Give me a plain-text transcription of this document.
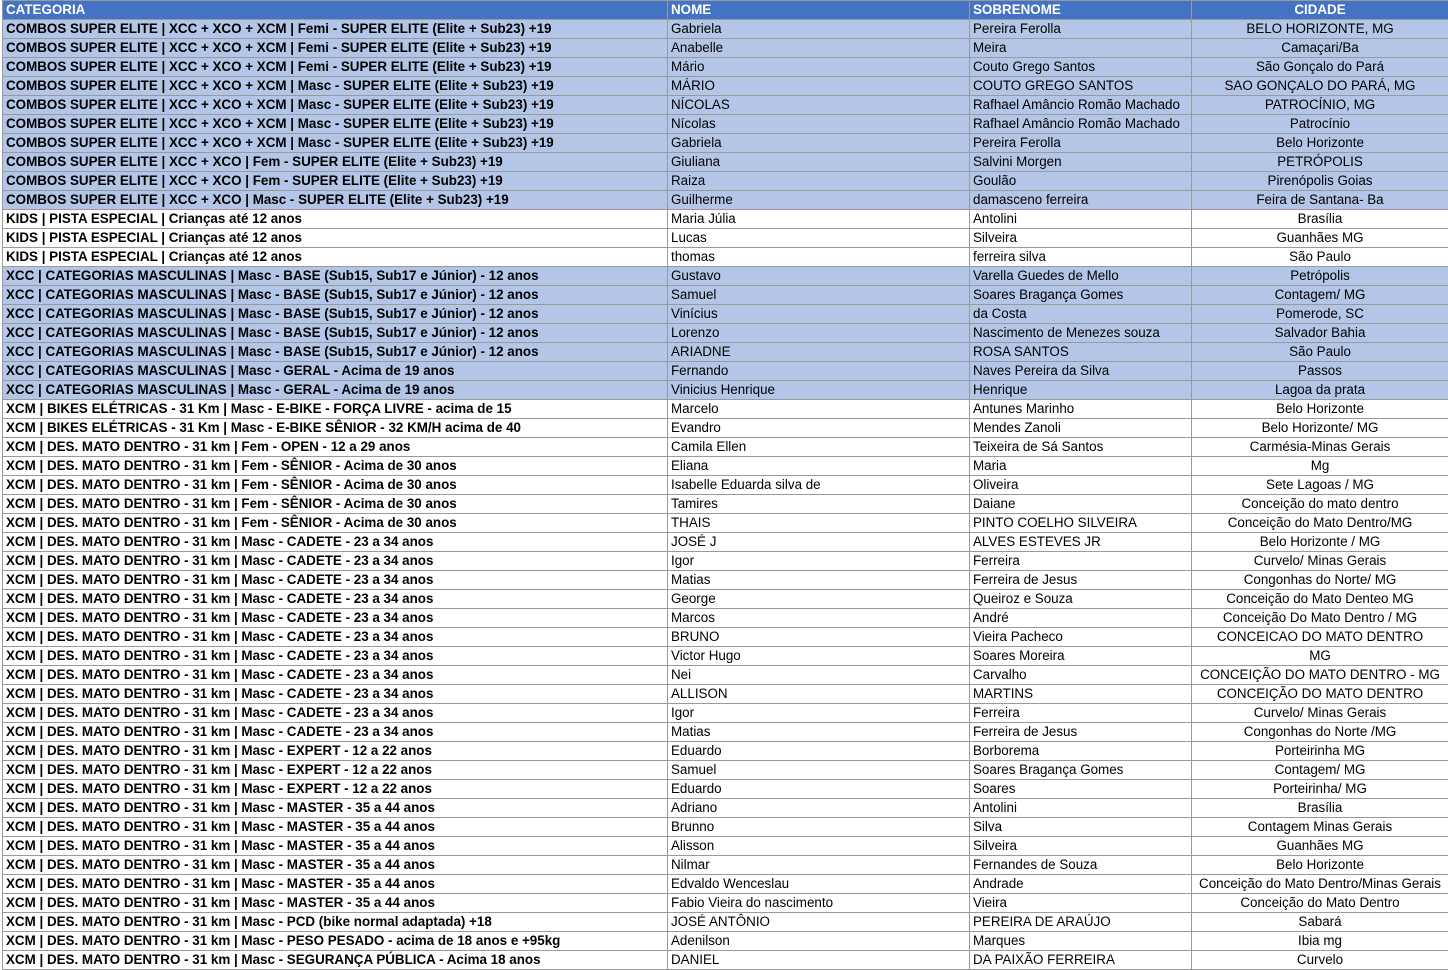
CATEGORIA	NOME	SOBRENOME	CIDADE
COMBOS SUPER ELITE | XCC + XCO + XCM | Femi - SUPER ELITE (Elite + Sub23) +19	Gabriela	Pereira Ferolla	BELO HORIZONTE, MG
COMBOS SUPER ELITE | XCC + XCO + XCM | Femi - SUPER ELITE (Elite + Sub23) +19	Anabelle	Meira	Camaçari/Ba
COMBOS SUPER ELITE | XCC + XCO + XCM | Femi - SUPER ELITE (Elite + Sub23) +19	Mário	Couto Grego Santos	São Gonçalo do Pará
COMBOS SUPER ELITE | XCC + XCO + XCM | Masc - SUPER ELITE (Elite + Sub23) +19	MÁRIO	COUTO GREGO SANTOS	SAO GONÇALO DO PARÁ, MG
COMBOS SUPER ELITE | XCC + XCO + XCM | Masc - SUPER ELITE (Elite + Sub23) +19	NÍCOLAS	Rafhael Amâncio Romão Machado	PATROCÍNIO, MG
COMBOS SUPER ELITE | XCC + XCO + XCM | Masc - SUPER ELITE (Elite + Sub23) +19	Nícolas	Rafhael Amâncio Romão Machado	Patrocínio
COMBOS SUPER ELITE | XCC + XCO + XCM | Masc - SUPER ELITE (Elite + Sub23) +19	Gabriela	Pereira Ferolla	Belo Horizonte
COMBOS SUPER ELITE | XCC + XCO | Fem - SUPER ELITE (Elite + Sub23) +19	Giuliana	Salvini Morgen	PETRÓPOLIS
COMBOS SUPER ELITE | XCC + XCO | Fem - SUPER ELITE (Elite + Sub23) +19	Raiza	Goulão	Pirenópolis Goias
COMBOS SUPER ELITE | XCC + XCO | Masc - SUPER ELITE (Elite + Sub23) +19	Guilherme	damasceno ferreira	Feira de Santana- Ba
KIDS | PISTA ESPECIAL | Crianças até 12 anos	Maria Júlia	Antolini	Brasília
KIDS | PISTA ESPECIAL | Crianças até 12 anos	Lucas	Silveira	Guanhães MG
KIDS | PISTA ESPECIAL | Crianças até 12 anos	thomas	ferreira silva	São Paulo
XCC | CATEGORIAS MASCULINAS | Masc - BASE (Sub15, Sub17 e Júnior) - 12 anos	Gustavo	Varella Guedes de Mello	Petrópolis
XCC | CATEGORIAS MASCULINAS | Masc - BASE (Sub15, Sub17 e Júnior) - 12 anos	Samuel	Soares Bragança Gomes	Contagem/ MG
XCC | CATEGORIAS MASCULINAS | Masc - BASE (Sub15, Sub17 e Júnior) - 12 anos	Vinícius	da Costa	Pomerode, SC
XCC | CATEGORIAS MASCULINAS | Masc - BASE (Sub15, Sub17 e Júnior) - 12 anos	Lorenzo	Nascimento de Menezes souza	Salvador Bahia
XCC | CATEGORIAS MASCULINAS | Masc - BASE (Sub15, Sub17 e Júnior) - 12 anos	ARIADNE	ROSA SANTOS	São Paulo
XCC | CATEGORIAS MASCULINAS | Masc - GERAL - Acima de 19 anos	Fernando	Naves Pereira da Silva	Passos
XCC | CATEGORIAS MASCULINAS | Masc - GERAL - Acima de 19 anos	Vinicius Henrique	Henrique	Lagoa da prata
XCM | BIKES ELÉTRICAS - 31 Km | Masc - E-BIKE - FORÇA LIVRE - acima de 15	Marcelo	Antunes Marinho	Belo Horizonte
XCM | BIKES ELÉTRICAS - 31 Km | Masc - E-BIKE SÊNIOR - 32 KM/H acima de 40	Evandro	Mendes Zanoli	Belo Horizonte/ MG
XCM | DES. MATO DENTRO - 31 km | Fem - OPEN - 12 a 29 anos	Camila Ellen	Teixeira de Sá Santos	Carmésia-Minas Gerais
XCM | DES. MATO DENTRO - 31 km | Fem - SÊNIOR - Acima de 30 anos	Eliana	Maria	Mg
XCM | DES. MATO DENTRO - 31 km | Fem - SÊNIOR - Acima de 30 anos	Isabelle Eduarda silva de	Oliveira	Sete Lagoas / MG
XCM | DES. MATO DENTRO - 31 km | Fem - SÊNIOR - Acima de 30 anos	Tamires	Daiane	Conceição do mato dentro
XCM | DES. MATO DENTRO - 31 km | Fem - SÊNIOR - Acima de 30 anos	THAIS	PINTO COELHO SILVEIRA	Conceição do Mato Dentro/MG
XCM | DES. MATO DENTRO - 31 km | Masc - CADETE - 23 a 34 anos	JOSÉ J	ALVES ESTEVES JR	Belo Horizonte / MG
XCM | DES. MATO DENTRO - 31 km | Masc - CADETE - 23 a 34 anos	Igor	Ferreira	Curvelo/ Minas Gerais
XCM | DES. MATO DENTRO - 31 km | Masc - CADETE - 23 a 34 anos	Matias	Ferreira de Jesus	Congonhas do Norte/ MG
XCM | DES. MATO DENTRO - 31 km | Masc - CADETE - 23 a 34 anos	George	Queiroz e Souza	Conceição do Mato Denteo MG
XCM | DES. MATO DENTRO - 31 km | Masc - CADETE - 23 a 34 anos	Marcos	André	Conceição Do Mato Dentro / MG
XCM | DES. MATO DENTRO - 31 km | Masc - CADETE - 23 a 34 anos	BRUNO	Vieira Pacheco	CONCEICAO DO MATO DENTRO
XCM | DES. MATO DENTRO - 31 km | Masc - CADETE - 23 a 34 anos	Victor Hugo	Soares Moreira	MG
XCM | DES. MATO DENTRO - 31 km | Masc - CADETE - 23 a 34 anos	Nei	Carvalho	CONCEIÇÃO DO MATO DENTRO - MG
XCM | DES. MATO DENTRO - 31 km | Masc - CADETE - 23 a 34 anos	ALLISON	MARTINS	CONCEIÇÃO DO MATO DENTRO
XCM | DES. MATO DENTRO - 31 km | Masc - CADETE - 23 a 34 anos	Igor	Ferreira	Curvelo/ Minas Gerais
XCM | DES. MATO DENTRO - 31 km | Masc - CADETE - 23 a 34 anos	Matias	Ferreira de Jesus	Congonhas do Norte /MG
XCM | DES. MATO DENTRO - 31 km | Masc - EXPERT - 12 a 22 anos	Eduardo	Borborema	Porteirinha MG
XCM | DES. MATO DENTRO - 31 km | Masc - EXPERT - 12 a 22 anos	Samuel	Soares Bragança Gomes	Contagem/ MG
XCM | DES. MATO DENTRO - 31 km | Masc - EXPERT - 12 a 22 anos	Eduardo	Soares	Porteirinha/ MG
XCM | DES. MATO DENTRO - 31 km | Masc - MASTER - 35 a 44 anos	Adriano	Antolini	Brasília
XCM | DES. MATO DENTRO - 31 km | Masc - MASTER - 35 a 44 anos	Brunno	Silva	Contagem Minas Gerais
XCM | DES. MATO DENTRO - 31 km | Masc - MASTER - 35 a 44 anos	Alisson	Silveira	Guanhães MG
XCM | DES. MATO DENTRO - 31 km | Masc - MASTER - 35 a 44 anos	Nilmar	Fernandes de Souza	Belo Horizonte
XCM | DES. MATO DENTRO - 31 km | Masc - MASTER - 35 a 44 anos	Edvaldo Wenceslau	Andrade	Conceição do Mato Dentro/Minas Gerais
XCM | DES. MATO DENTRO - 31 km | Masc - MASTER - 35 a 44 anos	Fabio Vieira do nascimento	Vieira	Conceição do Mato Dentro
XCM | DES. MATO DENTRO - 31 km | Masc - PCD (bike normal adaptada) +18	JOSÉ ANTÔNIO	PEREIRA DE ARAÚJO	Sabará
XCM | DES. MATO DENTRO - 31 km | Masc - PESO PESADO - acima de 18 anos e +95kg	Adenilson	Marques	Ibia mg
XCM | DES. MATO DENTRO - 31 km | Masc - SEGURANÇA PÚBLICA - Acima 18 anos	DANIEL	DA PAIXÃO FERREIRA	Curvelo
